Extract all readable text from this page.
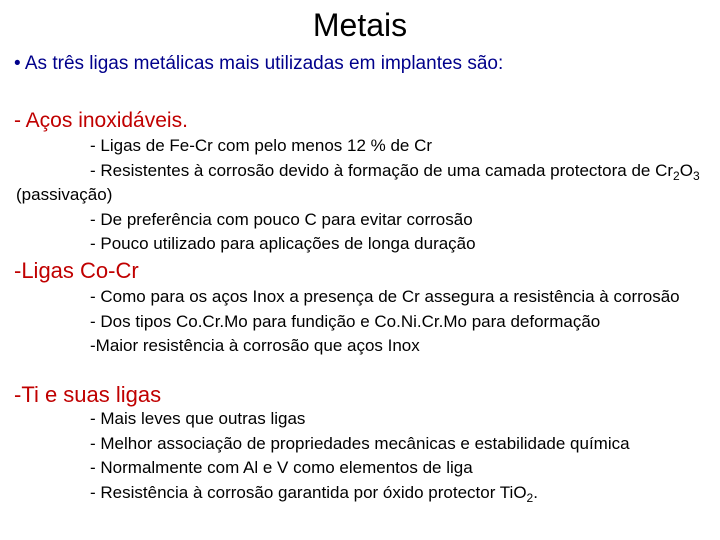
Metais
• As três ligas metálicas mais utilizadas em implantes são:
- Aços inoxidáveis.
- Ligas de Fe-Cr com pelo menos 12 % de Cr
- Resistentes à corrosão devido à formação de uma camada protectora de $Cr_2O_3$ (passivação)
- De preferência com pouco C para evitar corrosão
- Pouco utilizado para aplicações de longa duração
-Ligas Co-Cr
- Como para os aços Inox a presença de Cr assegura a resistência à corrosão
- Dos tipos Co.Cr.Mo para fundição e Co.Ni.Cr.Mo para deformação
-Maior resistência à corrosão que aços Inox
-Ti e suas ligas
- Mais leves que outras ligas
- Melhor associação de propriedades mecânicas e estabilidade química
- Normalmente com Al e V como elementos de liga
- Resistência à corrosão garantida por óxido protector TiO$_2$.
